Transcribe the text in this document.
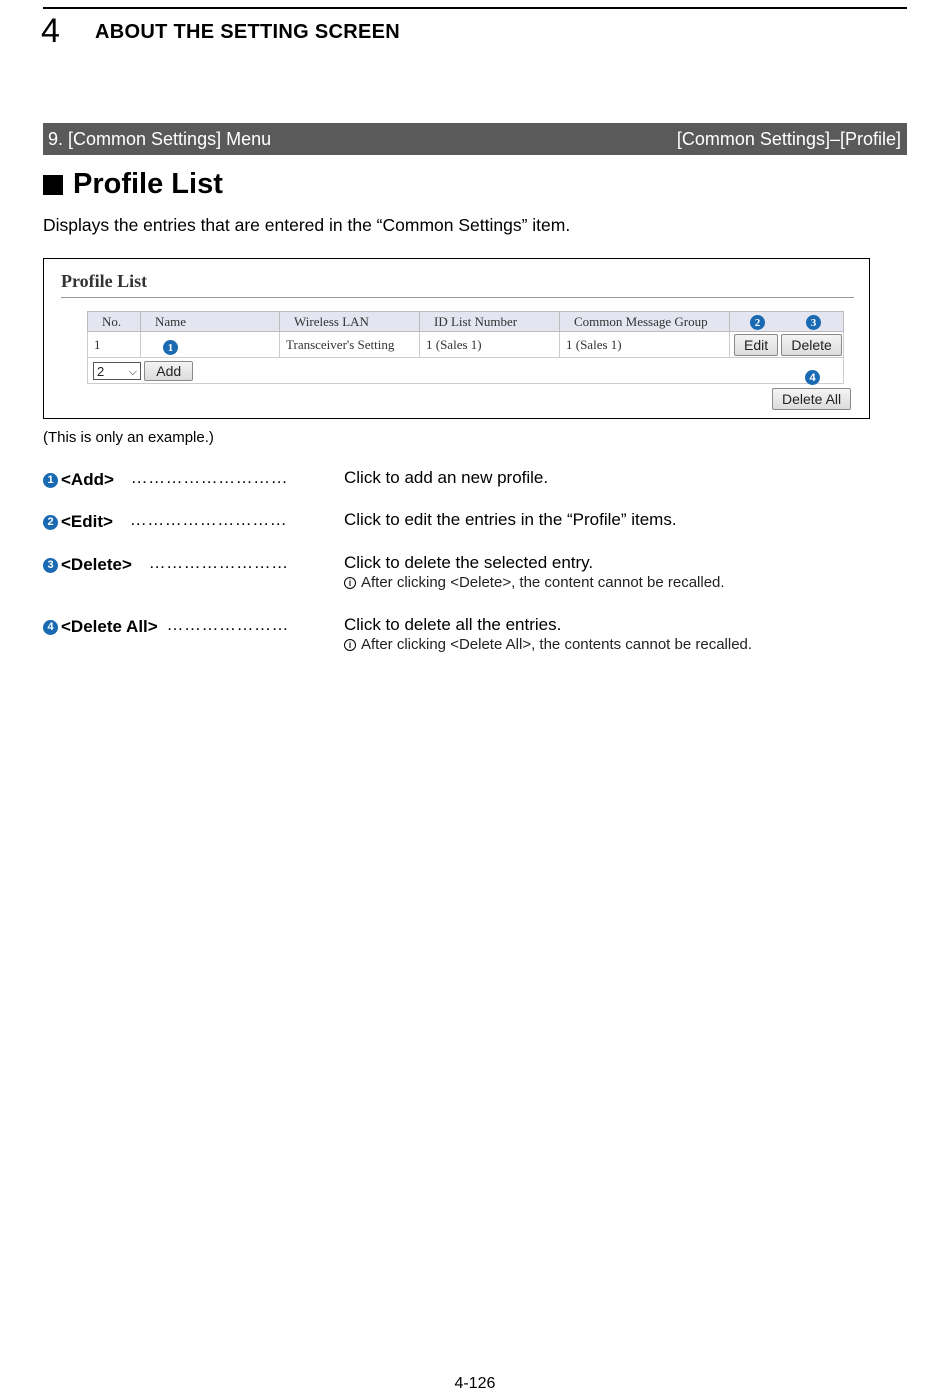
4 ABOUT THE SETTING SCREEN
9. [Common Settings] Menu	[Common Settings]–[Profile]
Profile List
Displays the entries that are entered in the “Common Settings” item.
Profile List
No.	Name	Wireless LAN	ID List Number	Common Message Group	2 3

1	1	Transceiver's Setting	1 (Sales 1)	1 (Sales 1)	Edit Delete
2 ⌵ Add						4
Delete All
(This is only an example.)
1 <Add> ………………………	Click to add an new profile.
2 <Edit> ………………………	Click to edit the entries in the “Profile” items.
3 <Delete> ……………………	Click to delete the selected entry.
i After clicking <Delete>, the content cannot be recalled.
4 <Delete All> …………………	Click to delete all the entries.
i After clicking <Delete All>, the contents cannot be recalled.
4-126
